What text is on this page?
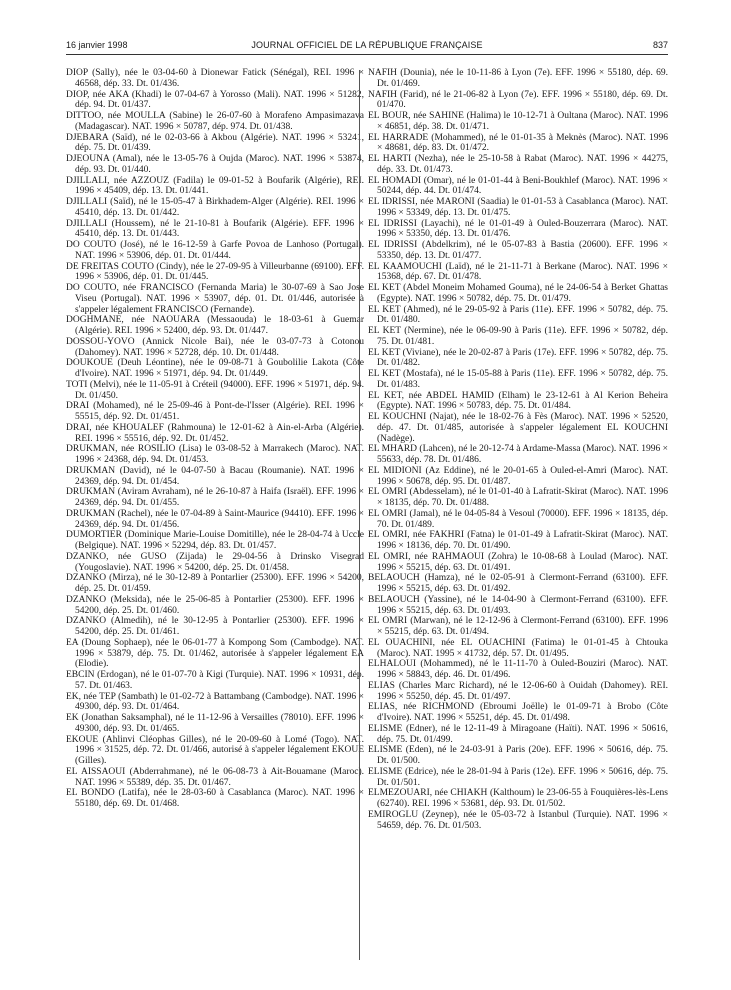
16 janvier 1998	JOURNAL OFFICIEL DE LA RÉPUBLIQUE FRANÇAISE	837

DIOP (Sally), née le 03-04-60 à Dionewar Fatick (Sénégal), REI. 1996 × 46568, dép. 33. Dt. 01/436.

DIOP, née AKA (Khadi) le 07-04-67 à Yorosso (Mali). NAT. 1996 × 51282, dép. 94. Dt. 01/437.

DITTOO, née MOULLA (Sabine) le 26-07-60 à Morafeno Ampasimazava (Madagascar). NAT. 1996 × 50787, dép. 974. Dt. 01/438.

DJEBARA (Saïd), né le 02-03-66 à Akbou (Algérie). NAT. 1996 × 53241, dép. 75. Dt. 01/439.

DJEOUNA (Amal), née le 13-05-76 à Oujda (Maroc). NAT. 1996 × 53874, dép. 93. Dt. 01/440.

DJILLALI, née AZZOUZ (Fadila) le 09-01-52 à Boufarik (Algérie), REI. 1996 × 45409, dép. 13. Dt. 01/441.

DJILLALI (Saïd), né le 15-05-47 à Birkhadem-Alger (Algérie). REI. 1996 × 45410, dép. 13. Dt. 01/442.

DJILLALI (Houssem), né le 21-10-81 à Boufarik (Algérie). EFF. 1996 × 45410, dép. 13. Dt. 01/443.

DO COUTO (José), né le 16-12-59 à Garfe Povoa de Lanhoso (Portugal). NAT. 1996 × 53906, dép. 01. Dt. 01/444.

DE FREITAS COUTO (Cindy), née le 27-09-95 à Villeurbanne (69100). EFF. 1996 × 53906, dép. 01. Dt. 01/445.

DO COUTO, née FRANCISCO (Fernanda Maria) le 30-07-69 à Sao Jose Viseu (Portugal). NAT. 1996 × 53907, dép. 01. Dt. 01/446, autorisée à s'appeler légalement FRANCISCO (Fernande).

DOGHMANE, née NAOUARA (Messaouda) le 18-03-61 à Guemar (Algérie). REI. 1996 × 52400, dép. 93. Dt. 01/447.

DOSSOU-YOVO (Annick Nicole Bai), née le 03-07-73 à Cotonou (Dahomey). NAT. 1996 × 52728, dép. 10. Dt. 01/448.

DOUKOUE (Deuh Léontine), née le 09-08-71 à Goubolilie Lakota (Côte d'Ivoire). NAT. 1996 × 51971, dép. 94. Dt. 01/449.

TOTI (Melvi), née le 11-05-91 à Créteil (94000). EFF. 1996 × 51971, dép. 94. Dt. 01/450.

DRAI (Mohamed), né le 25-09-46 à Pont-de-l'Isser (Algérie). REI. 1996 × 55515, dép. 92. Dt. 01/451.

DRAI, née KHOUALEF (Rahmouna) le 12-01-62 à Ain-el-Arba (Algérie). REI. 1996 × 55516, dép. 92. Dt. 01/452.

DRUKMAN, née ROSILIO (Lisa) le 03-08-52 à Marrakech (Maroc). NAT. 1996 × 24368, dép. 94. Dt. 01/453.

DRUKMAN (David), né le 04-07-50 à Bacau (Roumanie). NAT. 1996 × 24369, dép. 94. Dt. 01/454.

DRUKMAN (Aviram Avraham), né le 26-10-87 à Haifa (Israël). EFF. 1996 × 24369, dép. 94. Dt. 01/455.

DRUKMAN (Rachel), née le 07-04-89 à Saint-Maurice (94410). EFF. 1996 × 24369, dép. 94. Dt. 01/456.

DUMORTIER (Dominique Marie-Louise Domitille), née le 28-04-74 à Uccle (Belgique). NAT. 1996 × 52294, dép. 83. Dt. 01/457.

DZANKO, née GUSO (Zijada) le 29-04-56 à Drinsko Visegrad (Yougoslavie). NAT. 1996 × 54200, dép. 25. Dt. 01/458.

DZANKO (Mirza), né le 30-12-89 à Pontarlier (25300). EFF. 1996 × 54200, dép. 25. Dt. 01/459.

DZANKO (Meksida), née le 25-06-85 à Pontarlier (25300). EFF. 1996 × 54200, dép. 25. Dt. 01/460.

DZANKO (Almedih), né le 30-12-95 à Pontarlier (25300). EFF. 1996 × 54200, dép. 25. Dt. 01/461.

EA (Doung Sophaep), née le 06-01-77 à Kompong Som (Cambodge). NAT. 1996 × 53879, dép. 75. Dt. 01/462, autorisée à s'appeler légalement EA (Elodie).

EBCIN (Erdogan), né le 01-07-70 à Kigi (Turquie). NAT. 1996 × 10931, dép. 57. Dt. 01/463.

EK, née TEP (Sambath) le 01-02-72 à Battambang (Cambodge). NAT. 1996 × 49300, dép. 93. Dt. 01/464.

EK (Jonathan Saksamphal), né le 11-12-96 à Versailles (78010). EFF. 1996 × 49300, dép. 93. Dt. 01/465.

EKOUE (Ahlinvi Cléophas Gilles), né le 20-09-60 à Lomé (Togo). NAT. 1996 × 31525, dép. 72. Dt. 01/466, autorisé à s'appeler légalement EKOUE (Gilles).

EL AISSAOUI (Abderrahmane), né le 06-08-73 à Ait-Bouamane (Maroc). NAT. 1996 × 55389, dép. 35. Dt. 01/467.

EL BONDO (Latifa), née le 28-03-60 à Casablanca (Maroc). NAT. 1996 × 55180, dép. 69. Dt. 01/468.

NAFIH (Dounia), née le 10-11-86 à Lyon (7e). EFF. 1996 × 55180, dép. 69. Dt. 01/469.

NAFIH (Farid), né le 21-06-82 à Lyon (7e). EFF. 1996 × 55180, dép. 69. Dt. 01/470.

EL BOUR, née SAHINE (Halima) le 10-12-71 à Oultana (Maroc). NAT. 1996 × 46851, dép. 38. Dt. 01/471.

EL HARRADE (Mohammed), né le 01-01-35 à Meknès (Maroc). NAT. 1996 × 48681, dép. 83. Dt. 01/472.

EL HARTI (Nezha), née le 25-10-58 à Rabat (Maroc). NAT. 1996 × 44275, dép. 33. Dt. 01/473.

EL HOMADI (Omar), né le 01-01-44 à Beni-Boukhlef (Maroc). NAT. 1996 × 50244, dép. 44. Dt. 01/474.

EL IDRISSI, née MARONI (Saadia) le 01-01-53 à Casablanca (Maroc). NAT. 1996 × 53349, dép. 13. Dt. 01/475.

EL IDRISSI (Layachi), né le 01-01-49 à Ouled-Bouzerrara (Maroc). NAT. 1996 × 53350, dép. 13. Dt. 01/476.

EL IDRISSI (Abdelkrim), né le 05-07-83 à Bastia (20600). EFF. 1996 × 53350, dép. 13. Dt. 01/477.

EL KAAMOUCHI (Laïd), né le 21-11-71 à Berkane (Maroc). NAT. 1996 × 15368, dép. 67. Dt. 01/478.

EL KET (Abdel Moneim Mohamed Gouma), né le 24-06-54 à Berket Ghattas (Egypte). NAT. 1996 × 50782, dép. 75. Dt. 01/479.

EL KET (Ahmed), né le 29-05-92 à Paris (11e). EFF. 1996 × 50782, dép. 75. Dt. 01/480.

EL KET (Nermine), née le 06-09-90 à Paris (11e). EFF. 1996 × 50782, dép. 75. Dt. 01/481.

EL KET (Viviane), née le 20-02-87 à Paris (17e). EFF. 1996 × 50782, dép. 75. Dt. 01/482.

EL KET (Mostafa), né le 15-05-88 à Paris (11e). EFF. 1996 × 50782, dép. 75. Dt. 01/483.

EL KET, née ABDEL HAMID (Elham) le 23-12-61 à Al Kerion Beheira (Egypte). NAT. 1996 × 50783, dép. 75. Dt. 01/484.

EL KOUCHNI (Najat), née le 18-02-76 à Fès (Maroc). NAT. 1996 × 52520, dép. 47. Dt. 01/485, autorisée à s'appeler légalement EL KOUCHNI (Nadège).

EL MHARD (Lahcen), né le 20-12-74 à Ardame-Massa (Maroc). NAT. 1996 × 55633, dép. 78. Dt. 01/486.

EL MIDIONI (Az Eddine), né le 20-01-65 à Ouled-el-Amri (Maroc). NAT. 1996 × 50678, dép. 95. Dt. 01/487.

EL OMRI (Abdesselam), né le 01-01-40 à Lafratit-Skirat (Maroc). NAT. 1996 × 18135, dép. 70. Dt. 01/488.

EL OMRI (Jamal), né le 04-05-84 à Vesoul (70000). EFF. 1996 × 18135, dép. 70. Dt. 01/489.

EL OMRI, née FAKHRI (Fatna) le 01-01-49 à Lafratit-Skirat (Maroc). NAT. 1996 × 18136, dép. 70. Dt. 01/490.

EL OMRI, née RAHMAOUI (Zohra) le 10-08-68 à Loulad (Maroc). NAT. 1996 × 55215, dép. 63. Dt. 01/491.

BELAOUCH (Hamza), né le 02-05-91 à Clermont-Ferrand (63100). EFF. 1996 × 55215, dép. 63. Dt. 01/492.

BELAOUCH (Yassine), né le 14-04-90 à Clermont-Ferrand (63100). EFF. 1996 × 55215, dép. 63. Dt. 01/493.

EL OMRI (Marwan), né le 12-12-96 à Clermont-Ferrand (63100). EFF. 1996 × 55215, dép. 63. Dt. 01/494.

EL OUACHINI, née EL OUACHINI (Fatima) le 01-01-45 à Chtouka (Maroc). NAT. 1995 × 41732, dép. 57. Dt. 01/495.

ELHALOUI (Mohammed), né le 11-11-70 à Ouled-Bouziri (Maroc). NAT. 1996 × 58843, dép. 46. Dt. 01/496.

ELIAS (Charles Marc Richard), né le 12-06-60 à Ouidah (Dahomey). REI. 1996 × 55250, dép. 45. Dt. 01/497.

ELIAS, née RICHMOND (Ebroumi Joëlle) le 01-09-71 à Brobo (Côte d'Ivoire). NAT. 1996 × 55251, dép. 45. Dt. 01/498.

ELISME (Edner), né le 12-11-49 à Miragoane (Haïti). NAT. 1996 × 50616, dép. 75. Dt. 01/499.

ELISME (Eden), né le 24-03-91 à Paris (20e). EFF. 1996 × 50616, dép. 75. Dt. 01/500.

ELISME (Edrice), née le 28-01-94 à Paris (12e). EFF. 1996 × 50616, dép. 75. Dt. 01/501.

ELMEZOUARI, née CHIAKH (Kalthoum) le 23-06-55 à Fouquières-lès-Lens (62740). REI. 1996 × 53681, dép. 93. Dt. 01/502.

EMIROGLU (Zeynep), née le 05-03-72 à Istanbul (Turquie). NAT. 1996 × 54659, dép. 76. Dt. 01/503.
